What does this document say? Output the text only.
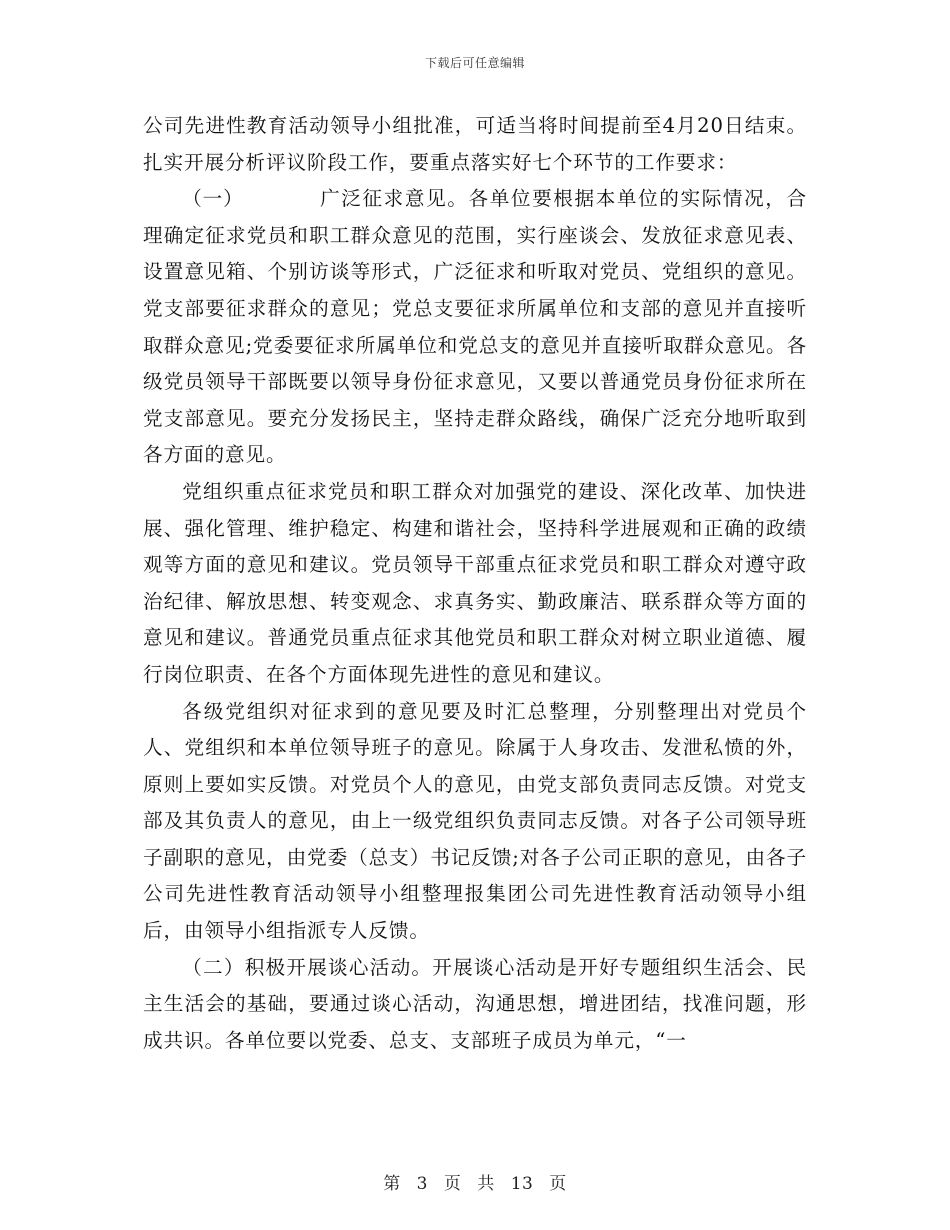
下载后可任意编辑

公司先进性教育活动领导小组批准，可适当将时间提前至4月20日结束。扎实开展分析评议阶段工作，要重点落实好七个环节的工作要求：

（一）	广泛征求意见。各单位要根据本单位的实际情况，合理确定征求党员和职工群众意见的范围，实行座谈会、发放征求意见表、设置意见箱、个别访谈等形式，广泛征求和听取对党员、党组织的意见。党支部要征求群众的意见；党总支要征求所属单位和支部的意见并直接听取群众意见;党委要征求所属单位和党总支的意见并直接听取群众意见。各级党员领导干部既要以领导身份征求意见，又要以普通党员身份征求所在党支部意见。要充分发扬民主，坚持走群众路线，确保广泛充分地听取到各方面的意见。

党组织重点征求党员和职工群众对加强党的建设、深化改革、加快进展、强化管理、维护稳定、构建和谐社会，坚持科学进展观和正确的政绩观等方面的意见和建议。党员领导干部重点征求党员和职工群众对遵守政治纪律、解放思想、转变观念、求真务实、勤政廉洁、联系群众等方面的意见和建议。普通党员重点征求其他党员和职工群众对树立职业道德、履行岗位职责、在各个方面体现先进性的意见和建议。

各级党组织对征求到的意见要及时汇总整理，分别整理出对党员个人、党组织和本单位领导班子的意见。除属于人身攻击、发泄私愤的外，原则上要如实反馈。对党员个人的意见，由党支部负责同志反馈。对党支部及其负责人的意见，由上一级党组织负责同志反馈。对各子公司领导班子副职的意见，由党委（总支）书记反馈;对各子公司正职的意见，由各子公司先进性教育活动领导小组整理报集团公司先进性教育活动领导小组后，由领导小组指派专人反馈。

（二）积极开展谈心活动。开展谈心活动是开好专题组织生活会、民主生活会的基础，要通过谈心活动，沟通思想，增进团结，找准问题，形成共识。各单位要以党委、总支、支部班子成员为单元，“一

第 3 页 共 13 页
